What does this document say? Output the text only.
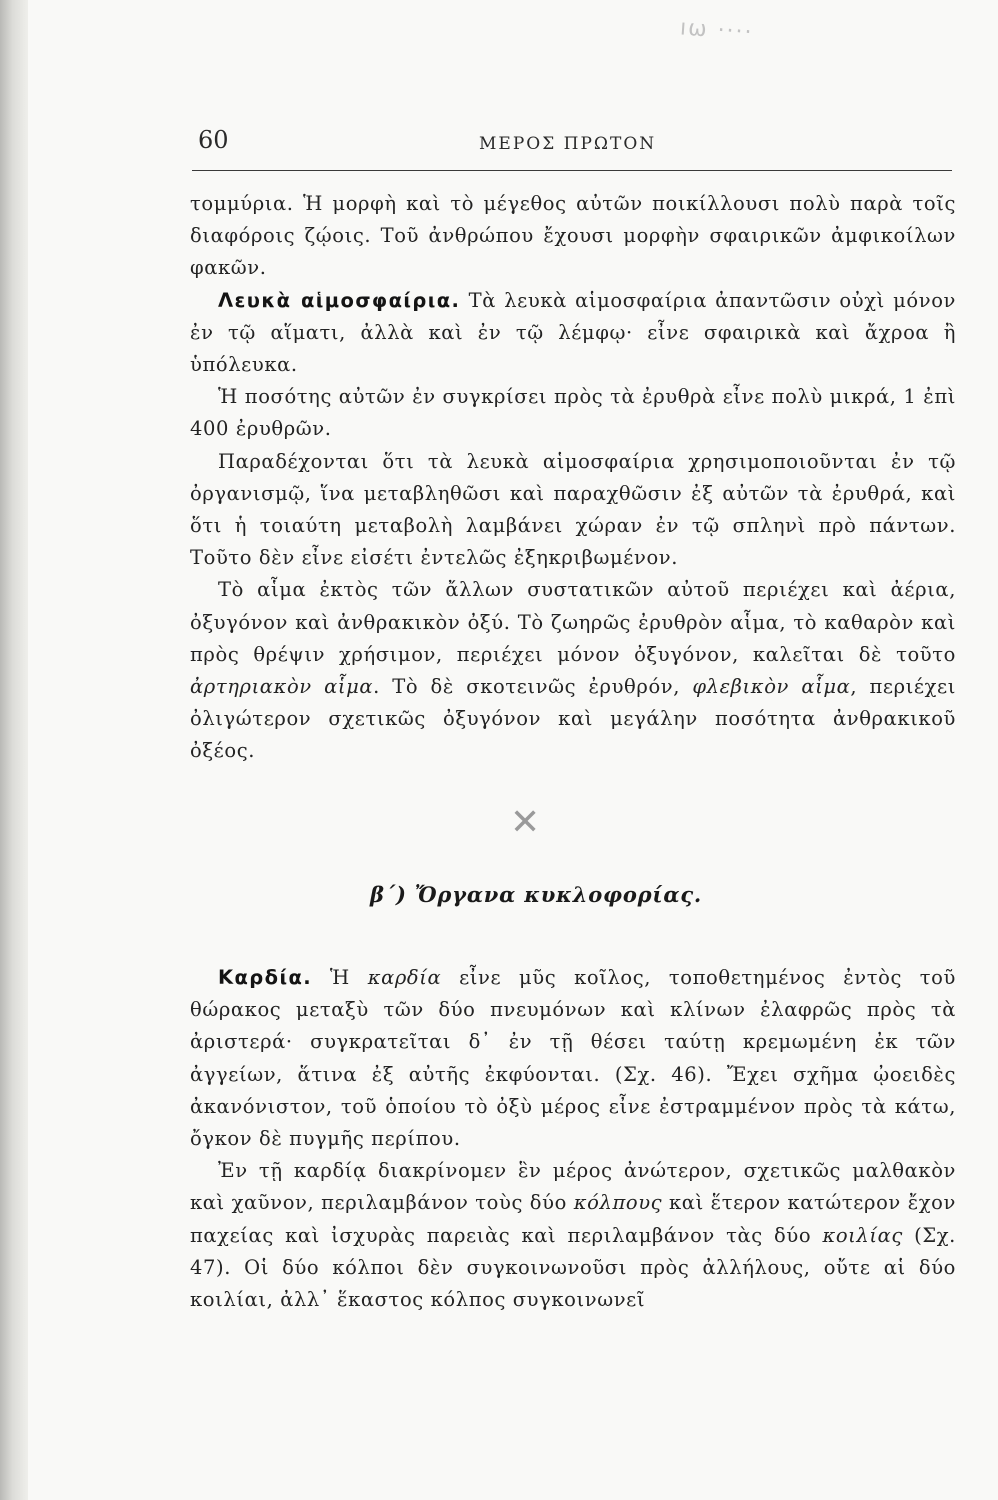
ıω ····
60	ΜΕΡΟΣ ΠΡΩΤΟΝ

τομμύρια. Ἡ μορφὴ καὶ τὸ μέγεθος αὐτῶν ποικίλλουσι πολὺ παρὰ τοῖς διαφόροις ζῴοις. Τοῦ ἀνθρώπου ἔχουσι μορφὴν σφαιρικῶν ἀμφικοίλων φακῶν.

Λευκὰ αἱμοσφαίρια. Τὰ λευκὰ αἱμοσφαίρια ἀπαντῶσιν οὐχὶ μόνον ἐν τῷ αἵματι, ἀλλὰ καὶ ἐν τῷ λέμφῳ· εἶνε σφαιρικὰ καὶ ἄχροα ἢ ὑπόλευκα.

Ἡ ποσότης αὐτῶν ἐν συγκρίσει πρὸς τὰ ἐρυθρὰ εἶνε πολὺ μικρά, 1 ἐπὶ 400 ἐρυθρῶν.

Παραδέχονται ὅτι τὰ λευκὰ αἱμοσφαίρια χρησιμοποιοῦνται ἐν τῷ ὀργανισμῷ, ἵνα μεταβληθῶσι καὶ παραχθῶσιν ἐξ αὐτῶν τὰ ἐρυθρά, καὶ ὅτι ἡ τοιαύτη μεταβολὴ λαμβάνει χώραν ἐν τῷ σπληνὶ πρὸ πάντων. Τοῦτο δὲν εἶνε εἰσέτι ἐντελῶς ἐξηκριβωμένον.

Τὸ αἷμα ἐκτὸς τῶν ἄλλων συστατικῶν αὐτοῦ περιέχει καὶ ἀέρια, ὀξυγόνον καὶ ἀνθρακικὸν ὀξύ. Τὸ ζωηρῶς ἐρυθρὸν αἷμα, τὸ καθαρὸν καὶ πρὸς θρέψιν χρήσιμον, περιέχει μόνον ὀξυγόνον, καλεῖται δὲ τοῦτο ἀρτηριακὸν αἷμα. Τὸ δὲ σκοτεινῶς ἐρυθρόν, φλεβικὸν αἷμα, περιέχει ὀλιγώτερον σχετικῶς ὀξυγόνον καὶ μεγάλην ποσότητα ἀνθρακικοῦ ὀξέος.

✕
β΄) Ὄργανα κυκλοφορίας.

Καρδία. Ἡ καρδία εἶνε μῦς κοῖλος, τοποθετημένος ἐντὸς τοῦ θώρακος μεταξὺ τῶν δύο πνευμόνων καὶ κλίνων ἐλαφρῶς πρὸς τὰ ἀριστερά· συγκρατεῖται δ᾽ ἐν τῇ θέσει ταύτῃ κρεμωμένη ἐκ τῶν ἀγγείων, ἅτινα ἐξ αὐτῆς ἐκφύονται. (Σχ. 46). Ἔχει σχῆμα ᾠοειδὲς ἀκανόνιστον, τοῦ ὁποίου τὸ ὀξὺ μέρος εἶνε ἐστραμμένον πρὸς τὰ κάτω, ὄγκον δὲ πυγμῆς περίπου.

Ἐν τῇ καρδίᾳ διακρίνομεν ἓν μέρος ἀνώτερον, σχετικῶς μαλθακὸν καὶ χαῦνον, περιλαμβάνον τοὺς δύο κόλπους καὶ ἕτερον κατώτερον ἔχον παχείας καὶ ἰσχυρὰς παρειὰς καὶ περιλαμβάνον τὰς δύο κοιλίας (Σχ. 47). Οἱ δύο κόλποι δὲν συγκοινωνοῦσι πρὸς ἀλλήλους, οὔτε αἱ δύο κοιλίαι, ἀλλ᾽ ἕκαστος κόλπος συγκοινωνεῖ
